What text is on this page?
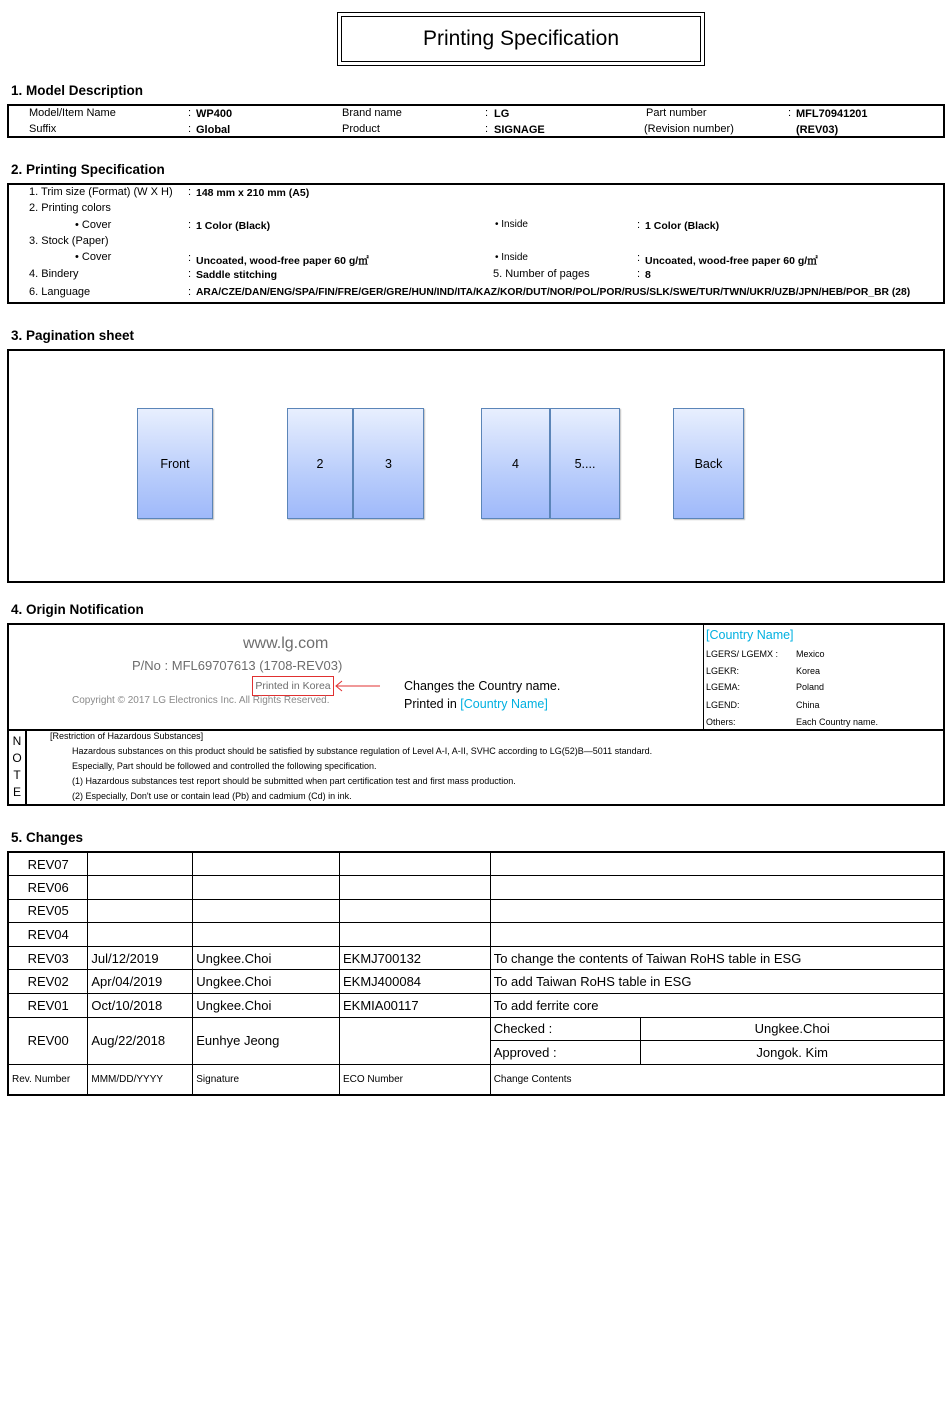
Printing Specification
1. Model Description
Model/Item Name	: WP400
Suffix	: Global
Brand name	: LG
Product	: SIGNAGE
Part number	: MFL70941201
(Revision number)	(REV03)
2. Printing Specification
1. Trim size (Format) (W X H) : 148 mm x 210 mm (A5)
2. Printing colors
• Cover	: 1 Color (Black)	• Inside	: 1 Color (Black)
3. Stock (Paper)
• Cover	: Uncoated, wood-free paper 60 g/㎡	• Inside	: Uncoated, wood-free paper 60 g/㎡
4. Bindery	: Saddle stitching	5. Number of pages	: 8
6. Language	: ARA/CZE/DAN/ENG/SPA/FIN/FRE/GER/GRE/HUN/IND/ITA/KAZ/KOR/DUT/NOR/POL/POR/RUS/SLK/SWE/TUR/TWN/UKR/UZB/JPN/HEB/POR_BR (28)
3. Pagination sheet
Front	2	3	4	5....	Back
4. Origin Notification
www.lg.com
P/No : MFL69707613 (1708-REV03)
Printed in Korea
Copyright © 2017 LG Electronics Inc. All Rights Reserved.
Changes the Country name.
Printed in [Country Name]
[Country Name]
LGERS/ LGEMX : Mexico
LGEKR:	Korea
LGEMA:	Poland
LGEND:	China
Others:	Each Country name.
N
O
T
E
[Restriction of Hazardous Substances]
Hazardous substances on this product should be satisfied by substance regulation of Level A-I, A-II, SVHC according to LG(52)B—5011 standard.
Especially, Part should be followed and controlled the following specification.
(1) Hazardous substances test report should be submitted when part certification test and first mass production.
(2) Especially, Don't use or contain lead (Pb) and cadmium (Cd) in ink.
5. Changes
REV07					
REV06					
REV05					
REV04					
REV03	Jul/12/2019	Ungkee.Choi	EKMJ700132	To change the contents of Taiwan RoHS table in ESG	
REV02	Apr/04/2019	Ungkee.Choi	EKMJ400084	To add Taiwan RoHS table in ESG	
REV01	Oct/10/2018	Ungkee.Choi	EKMIA00117	To add ferrite core	
REV00	Aug/22/2018	Eunhye Jeong		Checked :	Ungkee.Choi
				Approved :	Jongok. Kim
Rev. Number	MMM/DD/YYYY	Signature	ECO Number	Change Contents	
